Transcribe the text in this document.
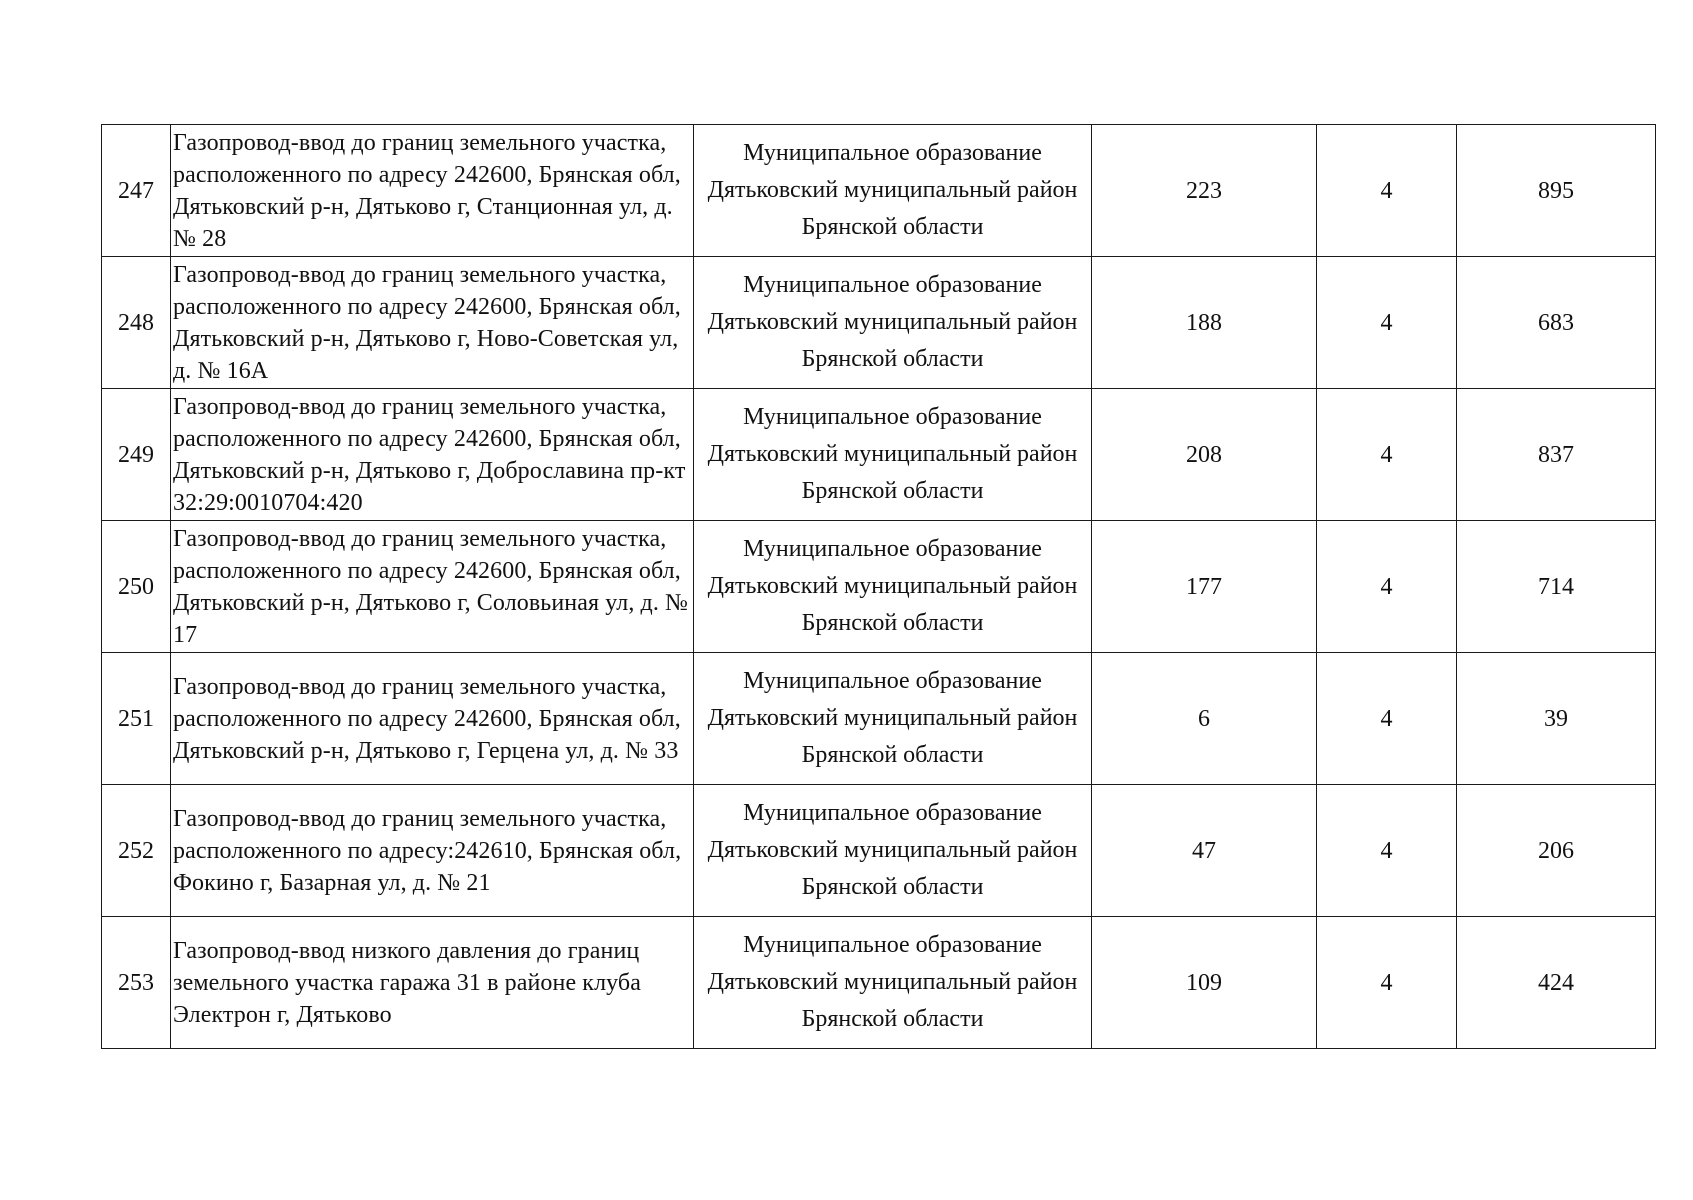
247	Газопровод-ввод до границ земельного участка, расположенного по адресу 242600, Брянская обл, Дятьковский р-н, Дятьково г, Станционная ул, д. № 28	Муниципальное образование Дятьковский муниципальный район Брянской области	223	4	895
248	Газопровод-ввод до границ земельного участка, расположенного по адресу 242600, Брянская обл, Дятьковский р-н, Дятьково г, Ново-Советская ул, д. № 16А	Муниципальное образование Дятьковский муниципальный район Брянской области	188	4	683
249	Газопровод-ввод до границ земельного участка, расположенного по адресу 242600, Брянская обл, Дятьковский р-н, Дятьково г, Доброславина пр-кт 32:29:0010704:420	Муниципальное образование Дятьковский муниципальный район Брянской области	208	4	837
250	Газопровод-ввод до границ земельного участка, расположенного по адресу 242600, Брянская обл, Дятьковский р-н, Дятьково г, Соловьиная ул, д. № 17	Муниципальное образование Дятьковский муниципальный район Брянской области	177	4	714
251	Газопровод-ввод до границ земельного участка, расположенного по адресу 242600, Брянская обл, Дятьковский р-н, Дятьково г, Герцена ул, д. № 33	Муниципальное образование Дятьковский муниципальный район Брянской области	6	4	39
252	Газопровод-ввод до границ земельного участка, расположенного по адресу:242610, Брянская обл, Фокино г, Базарная ул, д. № 21	Муниципальное образование Дятьковский муниципальный район Брянской области	47	4	206
253	Газопровод-ввод низкого давления до границ земельного участка гаража 31 в районе клуба Электрон г, Дятьково	Муниципальное образование Дятьковский муниципальный район Брянской области	109	4	424
